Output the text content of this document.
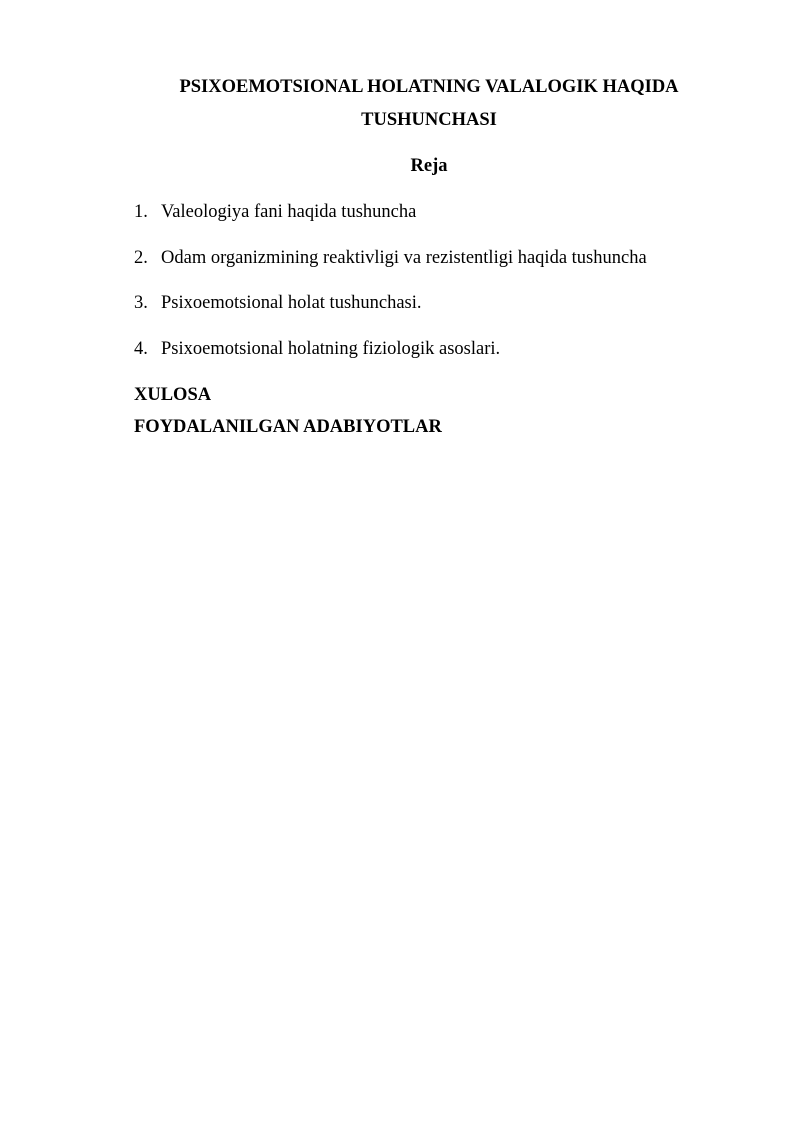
PSIXOEMOTSIONAL HOLATNING VALALOGIK HAQIDA
TUSHUNCHASI
Reja
1. Valeologiya fani haqida tushuncha
2. Odam organizmining reaktivligi va rezistentligi haqida tushuncha
3. Psixoemotsional holat tushunchasi.
4. Psixoemotsional holatning fiziologik asoslari.
XULOSA
FOYDALANILGAN ADABIYOTLAR
